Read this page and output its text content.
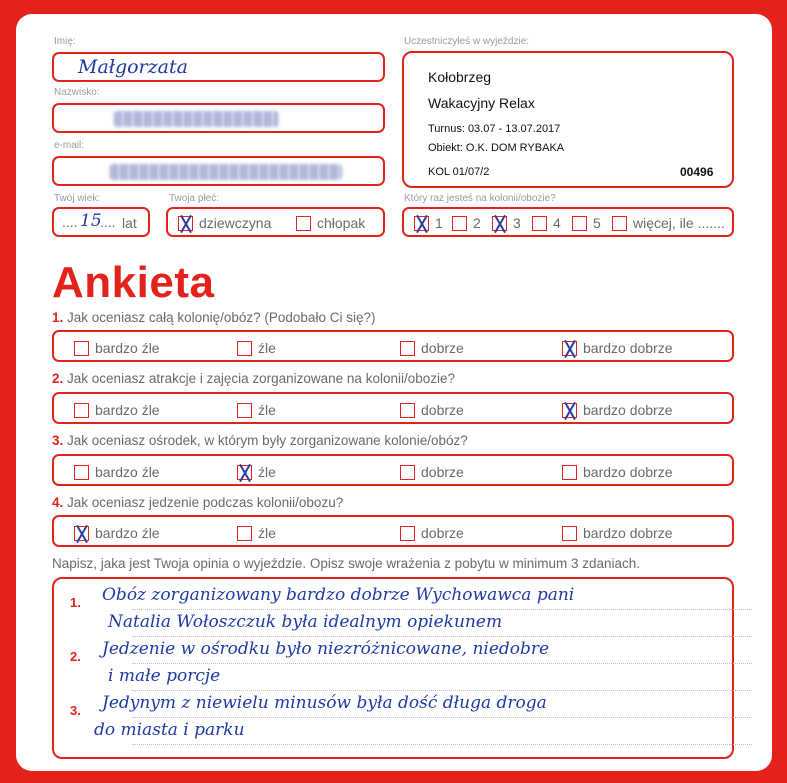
Imię:
Małgorzata
Nazwisko:
e-mail:
Twój wiek:
.... 15
.... lat
Twoja płeć:
dziewczyna	chłopak
Uczestniczyłeś w wyjeździe:
Kołobrzeg
Wakacyjny Relax
Turnus: 03.07 - 13.07.2017
Obiekt: O.K. DOM RYBAKA
KOL 01/07/2	00496
Który raz jesteś na kolonii/obozie?
1	2	3	4	5	więcej, ile .......
Ankieta
1. Jak oceniasz całą kolonię/obóz? (Podobało Ci się?)
bardzo źle	źle	dobrze	bardzo dobrze
2. Jak oceniasz atrakcje i zajęcia zorganizowane na kolonii/obozie?
bardzo źle	źle	dobrze	bardzo dobrze
3. Jak oceniasz ośrodek, w którym były zorganizowane kolonie/obóz?
bardzo źle	źle	dobrze	bardzo dobrze
4. Jak oceniasz jedzenie podczas kolonii/obozu?
bardzo źle	źle	dobrze	bardzo dobrze
Napisz, jaka jest Twoja opinia o wyjeździe. Opisz swoje wrażenia z pobytu w minimum 3 zdaniach.
1. Obóz zorganizowany bardzo dobrze Wychowawca pani
Natalia Wołoszczuk była idealnym opiekunem
2. Jedzenie w ośrodku było niezróżnicowane, niedobre
i małe porcje
3. Jedynym z niewielu minusów była dość długa droga
do miasta i parku
